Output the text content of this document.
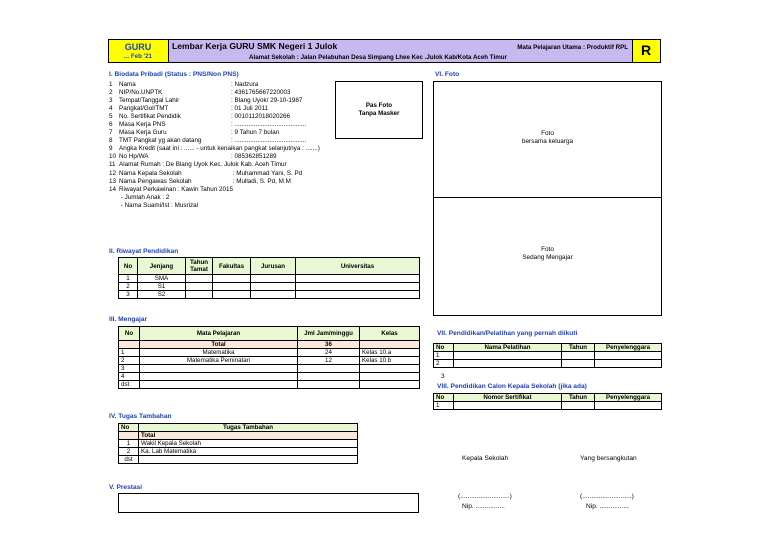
GURU
... Feb '21
Lembar Kerja GURU SMK Negeri 1 Julok	Mata Pelajaran Utama : Produktif RPL
Alamat Sekolah : Jalan Pelabuhan Desa Simpang Lhee Kec .Julok Kab/Kota Aceh Timur	R
I. Biodata Pribadi (Status : PNS/Non PNS)
1 Nama	: Nadzura
2 NIP/No.UNPTK	: 4361765667220003
3 Tempat/Tanggal Lahir	: Blang Uyok/ 29-10-1987
4 Pangkat/Gol/TMT	: 01 Juli 2011
5 No. Sertifikat Pendidik	: 0010112018020266
6 Masa Kerja PNS	: .........................................
7 Masa Kerja Guru	: 9 Tahun 7 bulan
8 TMT Pangkat yg akan datang	: .........................................
9 Angka Kredit (saat ini : ...... - untuk kenaikan pangkat selanjutnya : .......)
10 No Hp/WA	: 085362851289
11 Alamat Rumah : De Blang Uyok Kec. Julok Kab. Aceh Timur
12 Nama Kepala Sekolah	: Muhammad Yani, S. Pd
13 Nama Pengawas Sekolah	: Mulladi, S. Pd, M.M
14 Riwayat Perkawinan : Kawin Tahun 2015
- Jumlah Anak : 2
- Nama Suami/Ist : Musrizal
VI. Foto
Pas Foto
Tanpa Masker
Foto
bersama keluarga
Foto
Sedang Mengajar
II. Riwayat Pendidikan
No	Jenjang	Tahun Tamat	Fakultas	Jurusan	Universitas
1	SMA				
2	S1				
3	S2				
III. Mengajar
No	Mata Pelajaran	Jml Jam/minggu	Kelas
	Total	36	
1	Matematika	24	Kelas 10.a
2	Matematika Peminatan	12	Kelas 10.b
3			
4			
dst			
IV. Tugas Tambahan
No	Tugas Tambahan
	Total
1	Wakil Kepala Sekolah
2	Ka. Lab Matematika
dst	
V. Prestasi
VII. Pendidikan/Pelatihan yang pernah diikuti
No	Nama Pelatihan	Tahun	Penyelenggara
1			
2			
3
VIII. Pendidikan Calon Kepala Sekolah (jika ada)
No	Nomor Sertifikat	Tahun	Penyelenggara
1			
Kepala Sekolah	Yang bersangkutan
(...........................)	(...........................)
Nip. ................	Nip. ................
